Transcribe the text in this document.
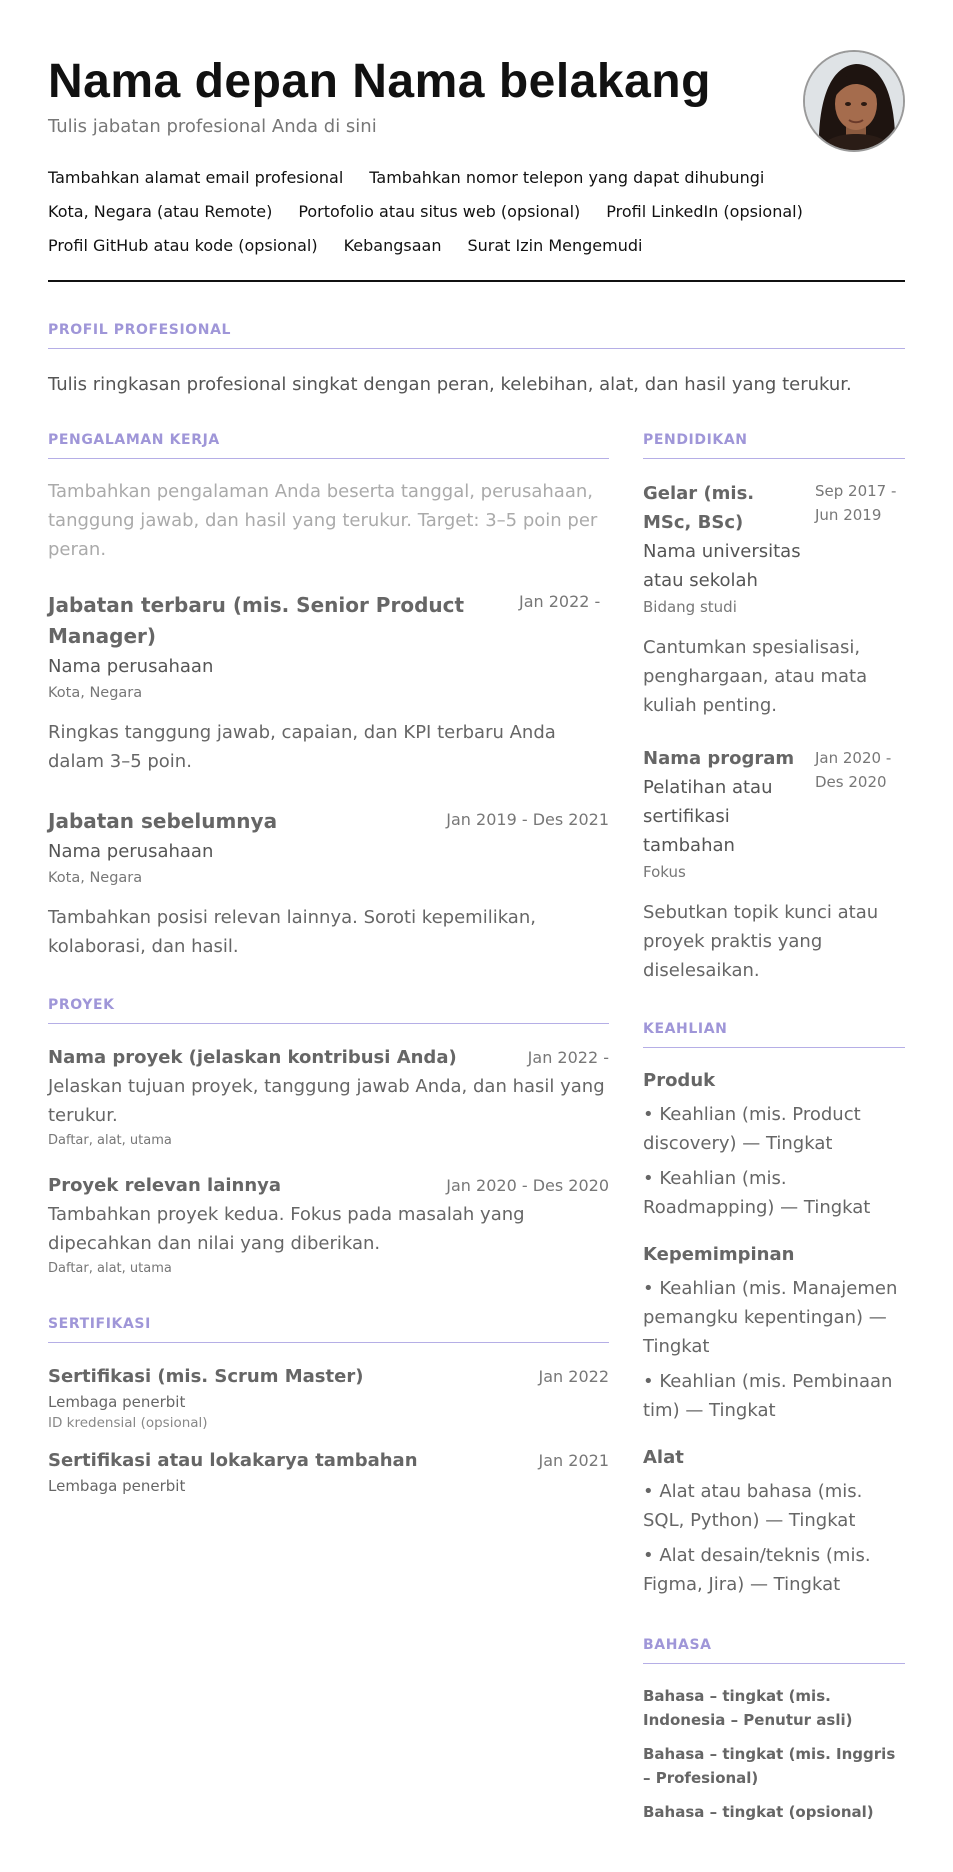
Nama depan Nama belakang
Tulis jabatan profesional Anda di sini
Tambahkan alamat email profesional Tambahkan nomor telepon yang dapat dihubungi
Kota, Negara (atau Remote) Portofolio atau situs web (opsional) Profil LinkedIn (opsional)
Profil GitHub atau kode (opsional) Kebangsaan Surat Izin Mengemudi
PROFIL PROFESIONAL
Tulis ringkasan profesional singkat dengan peran, kelebihan, alat, dan hasil yang terukur.
PENGALAMAN KERJA
Tambahkan pengalaman Anda beserta tanggal, perusahaan, tanggung jawab, dan hasil yang terukur. Target: 3–5 poin per peran.
Jabatan terbaru (mis. Senior Product Manager)
Jan 2022 -
Nama perusahaan
Kota, Negara
Ringkas tanggung jawab, capaian, dan KPI terbaru Anda dalam 3–5 poin.
Jabatan sebelumnya	Jan 2019 - Des 2021
Nama perusahaan
Kota, Negara
Tambahkan posisi relevan lainnya. Soroti kepemilikan, kolaborasi, dan hasil.
PROYEK
Nama proyek (jelaskan kontribusi Anda)	Jan 2022 -
Jelaskan tujuan proyek, tanggung jawab Anda, dan hasil yang terukur.
Daftar, alat, utama
Proyek relevan lainnya	Jan 2020 - Des 2020
Tambahkan proyek kedua. Fokus pada masalah yang dipecahkan dan nilai yang diberikan.
Daftar, alat, utama
SERTIFIKASI
Sertifikasi (mis. Scrum Master)	Jan 2022
Lembaga penerbit
ID kredensial (opsional)
Sertifikasi atau lokakarya tambahan	Jan 2021
Lembaga penerbit
PENDIDIKAN
Gelar (mis. MSc, BSc)
Sep 2017 - Jun 2019
Nama universitas atau sekolah
Bidang studi
Cantumkan spesialisasi, penghargaan, atau mata kuliah penting.
Nama program
Pelatihan atau sertifikasi tambahan
Fokus
Jan 2020 - Des 2020
Sebutkan topik kunci atau proyek praktis yang diselesaikan.
KEAHLIAN
Produk
• Keahlian (mis. Product discovery) — Tingkat
• Keahlian (mis. Roadmapping) — Tingkat
Kepemimpinan
• Keahlian (mis. Manajemen pemangku kepentingan) — Tingkat
• Keahlian (mis. Pembinaan tim) — Tingkat
Alat
• Alat atau bahasa (mis. SQL, Python) — Tingkat
• Alat desain/teknis (mis. Figma, Jira) — Tingkat
BAHASA
Bahasa – tingkat (mis. Indonesia – Penutur asli)
Bahasa – tingkat (mis. Inggris – Profesional)
Bahasa – tingkat (opsional)
